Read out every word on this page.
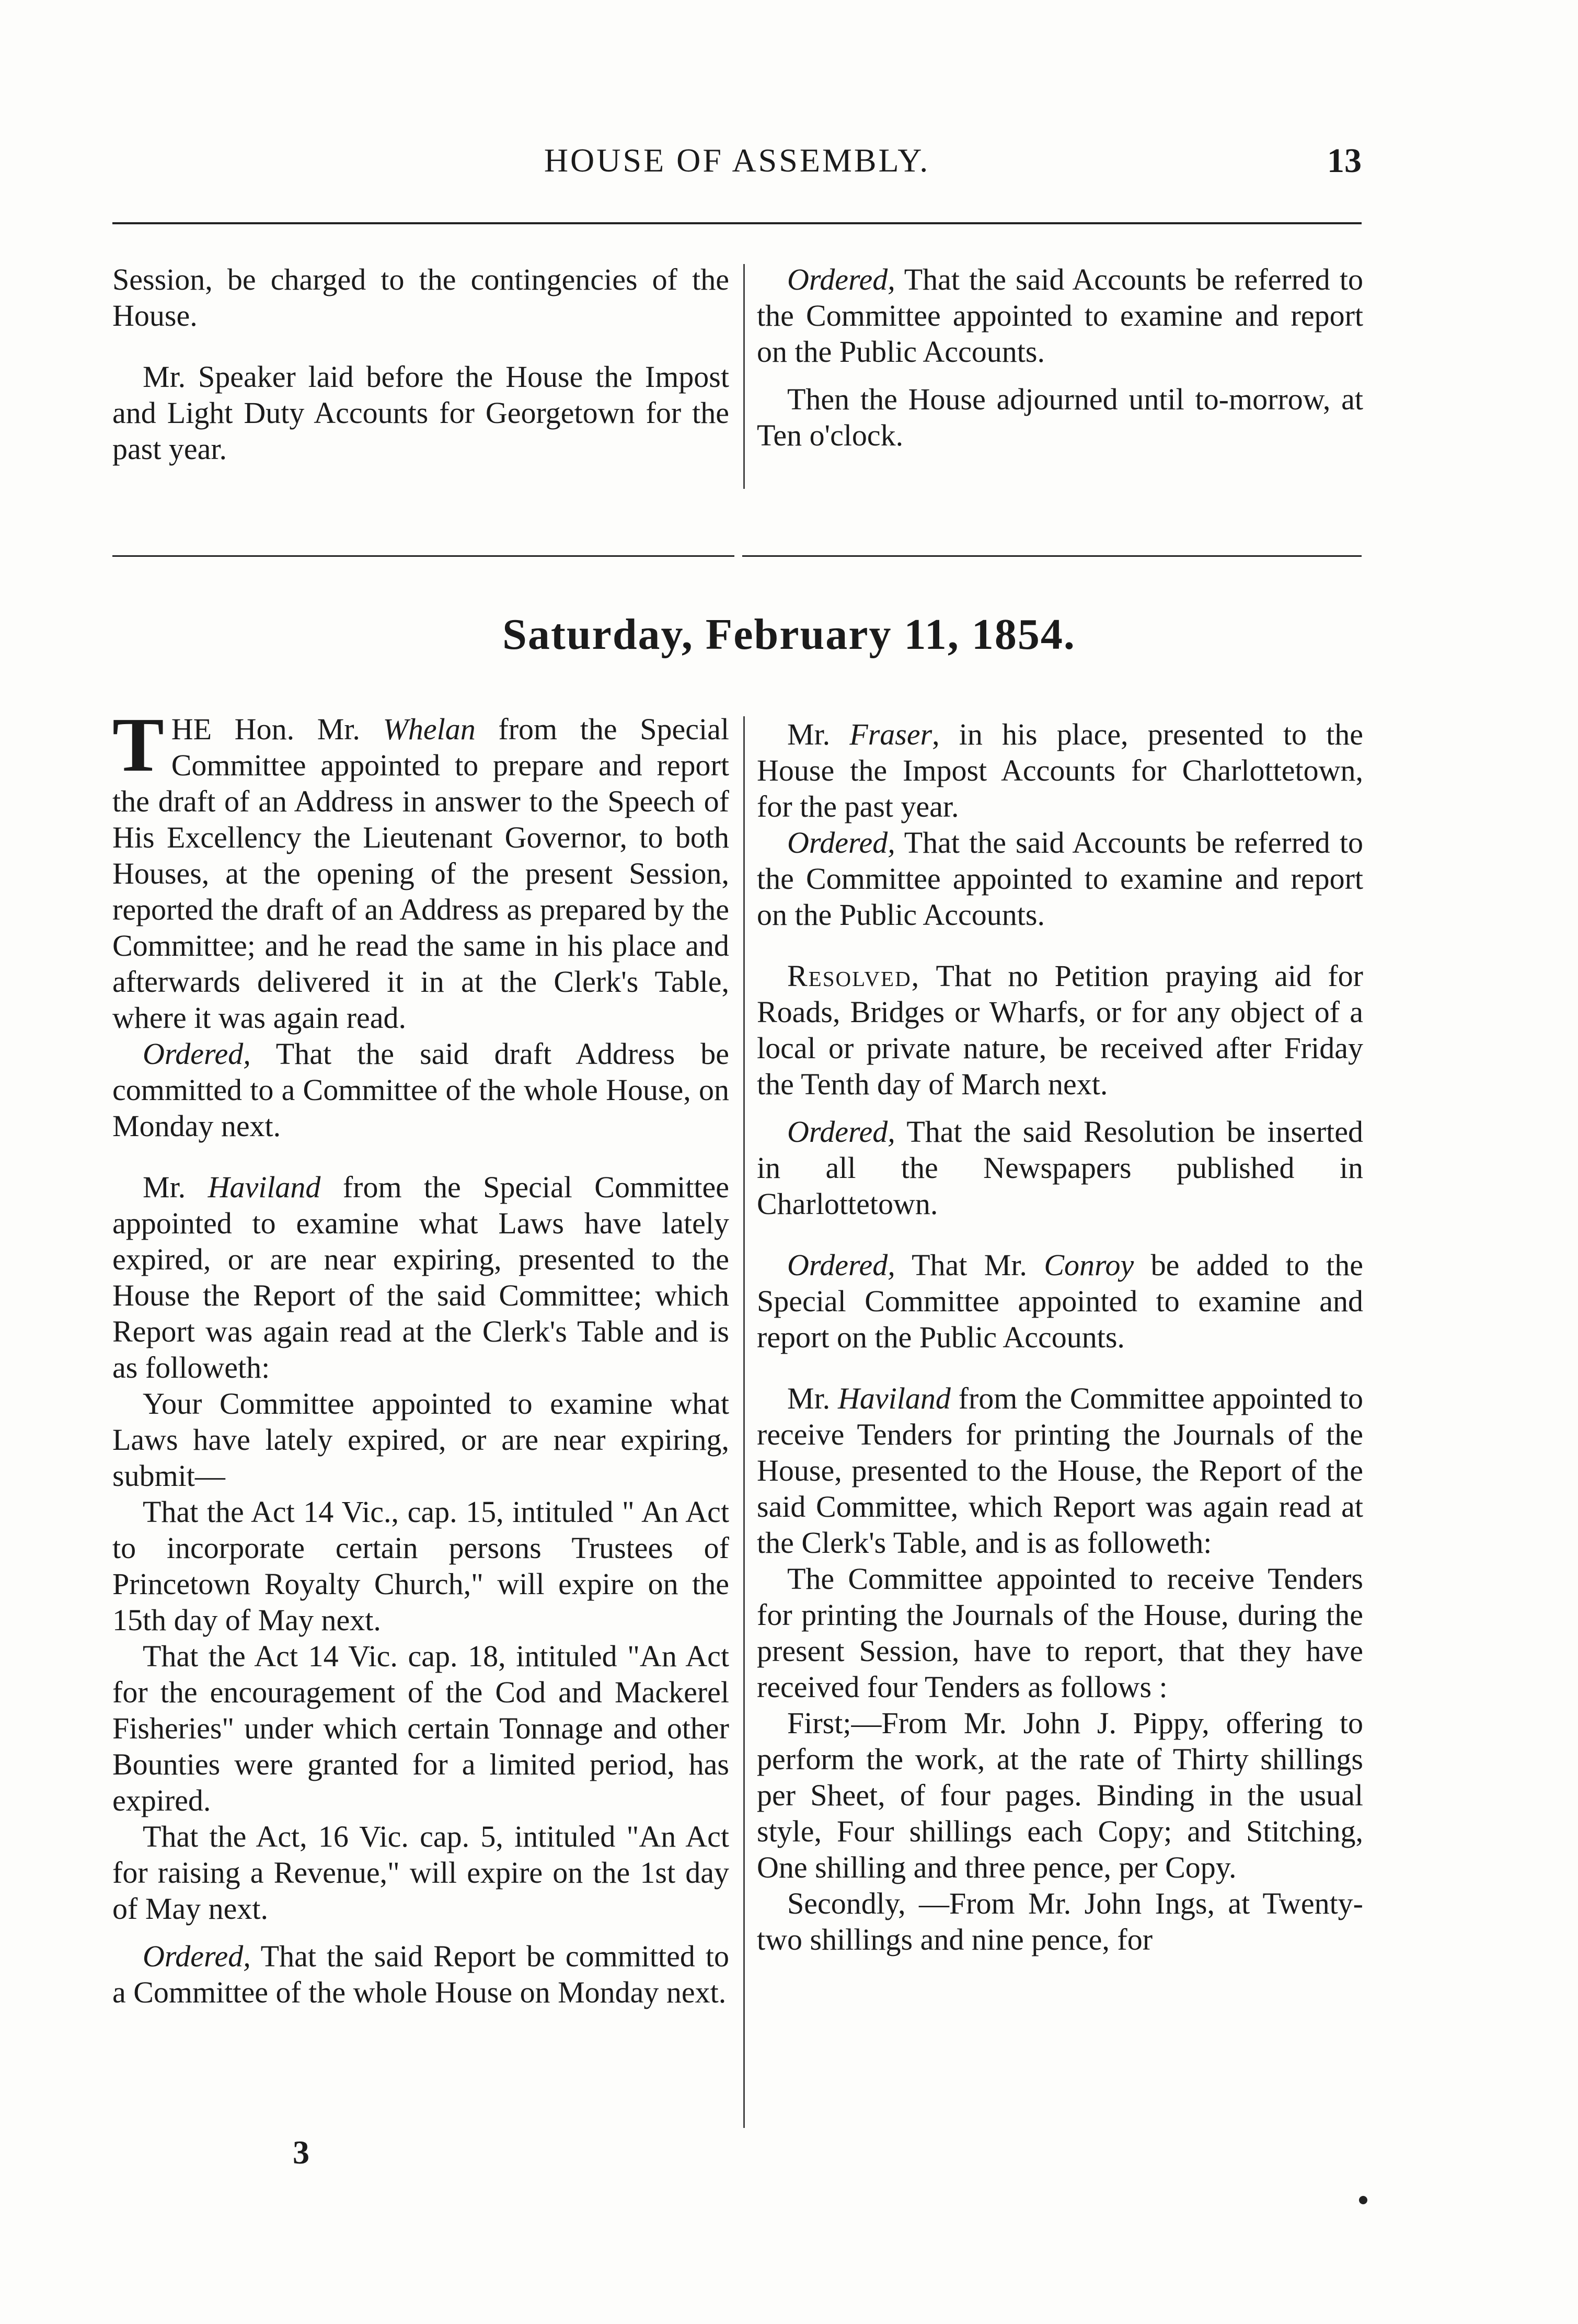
HOUSE OF ASSEMBLY.	13

Session, be charged to the contingencies of the House.

Mr. Speaker laid before the House the Impost and Light Duty Accounts for Georgetown for the past year.

Ordered, That the said Accounts be referred to the Committee appointed to examine and report on the Public Accounts.

Then the House adjourned until to-morrow, at Ten o'clock.

Saturday, February 11, 1854.

THE Hon. Mr. Whelan from the Special Committee appointed to prepare and report the draft of an Address in answer to the Speech of His Excellency the Lieutenant Governor, to both Houses, at the opening of the present Session, reported the draft of an Address as prepared by the Committee; and he read the same in his place and afterwards delivered it in at the Clerk's Table, where it was again read.

Ordered, That the said draft Address be committed to a Committee of the whole House, on Monday next.

Mr. Haviland from the Special Committee appointed to examine what Laws have lately expired, or are near expiring, presented to the House the Report of the said Committee; which Report was again read at the Clerk's Table and is as followeth:

Your Committee appointed to examine what Laws have lately expired, or are near expiring, submit—

That the Act 14 Vic., cap. 15, intituled " An Act to incorporate certain persons Trustees of Princetown Royalty Church," will expire on the 15th day of May next.

That the Act 14 Vic. cap. 18, intituled "An Act for the encouragement of the Cod and Mackerel Fisheries" under which certain Tonnage and other Bounties were granted for a limited period, has expired.

That the Act, 16 Vic. cap. 5, intituled "An Act for raising a Revenue," will expire on the 1st day of May next.

Ordered, That the said Report be committed to a Committee of the whole House on Monday next.

Mr. Fraser, in his place, presented to the House the Impost Accounts for Charlottetown, for the past year.

Ordered, That the said Accounts be referred to the Committee appointed to examine and report on the Public Accounts.

Resolved, That no Petition praying aid for Roads, Bridges or Wharfs, or for any object of a local or private nature, be received after Friday the Tenth day of March next.

Ordered, That the said Resolution be inserted in all the Newspapers published in Charlottetown.

Ordered, That Mr. Conroy be added to the Special Committee appointed to examine and report on the Public Accounts.

Mr. Haviland from the Committee appointed to receive Tenders for printing the Journals of the House, presented to the House, the Report of the said Committee, which Report was again read at the Clerk's Table, and is as followeth:

The Committee appointed to receive Tenders for printing the Journals of the House, during the present Session, have to report, that they have received four Tenders as follows :

First;—From Mr. John J. Pippy, offering to perform the work, at the rate of Thirty shillings per Sheet, of four pages. Binding in the usual style, Four shillings each Copy; and Stitching, One shilling and three pence, per Copy.

Secondly, —From Mr. John Ings, at Twenty-two shillings and nine pence, for

3
